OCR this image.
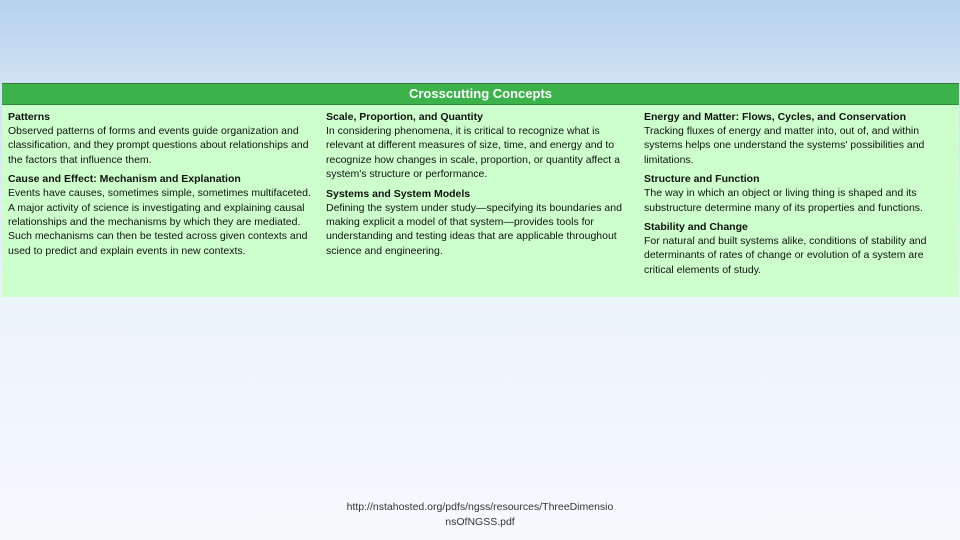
Crosscutting Concepts
Patterns
Observed patterns of forms and events guide organization and classification, and they prompt questions about relationships and the factors that influence them.
Cause and Effect: Mechanism and Explanation
Events have causes, sometimes simple, sometimes multifaceted. A major activity of science is investigating and explaining causal relationships and the mechanisms by which they are mediated. Such mechanisms can then be tested across given contexts and used to predict and explain events in new contexts.
Scale, Proportion, and Quantity
In considering phenomena, it is critical to recognize what is relevant at different measures of size, time, and energy and to recognize how changes in scale, proportion, or quantity affect a system's structure or performance.
Systems and System Models
Defining the system under study—specifying its boundaries and making explicit a model of that system—provides tools for understanding and testing ideas that are applicable throughout science and engineering.
Energy and Matter: Flows, Cycles, and Conservation
Tracking fluxes of energy and matter into, out of, and within systems helps one understand the systems' possibilities and limitations.
Structure and Function
The way in which an object or living thing is shaped and its substructure determine many of its properties and functions.
Stability and Change
For natural and built systems alike, conditions of stability and determinants of rates of change or evolution of a system are critical elements of study.
http://nstahosted.org/pdfs/ngss/resources/ThreeDimensio
nsOfNGSS.pdf
